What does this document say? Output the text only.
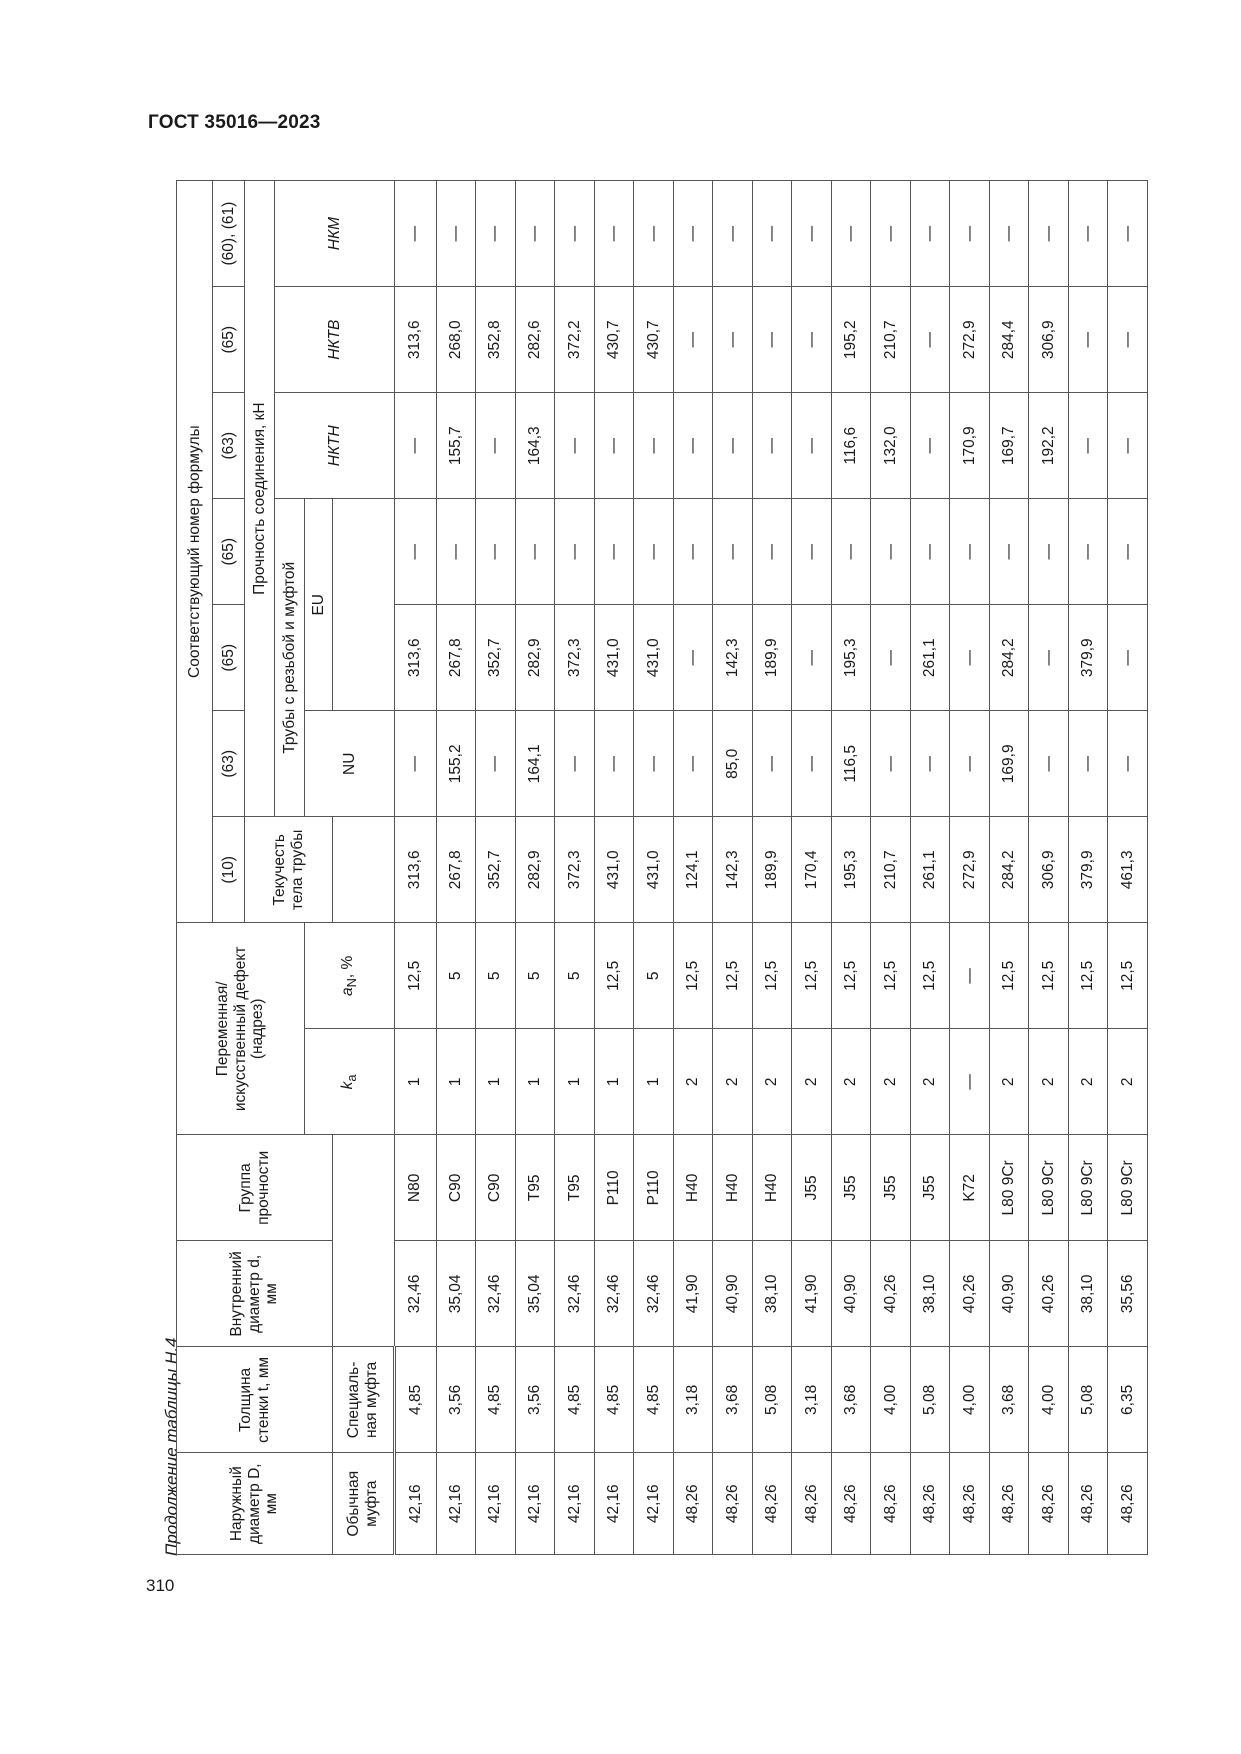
ГОСТ 35016—2023
Продолжение таблицы Н.4
310
Наружный диаметр D, мм	Толщина стенки t, мм	Внутренний диаметр d, мм	Группа прочности	Переменная/ искусственный дефект (надрез)		Соответствующий номер формулы						
						(10)	(63)	(65)	(65)	(63)	(65)	(60), (61)
						Текучесть тела трубы	Прочность соединения, кН					
							Трубы с резьбой и муфтой			НКТН	НКТВ	НКМ
				$k_a$	$a_N$, %		NU	EU				
Обычная муфта	Специаль-ная муфта											
42,16	4,85	32,46	N80	1	12,5	313,6	—	313,6	—	—	313,6	—
42,16	3,56	35,04	C90	1	5	267,8	155,2	267,8	—	155,7	268,0	—
42,16	4,85	32,46	C90	1	5	352,7	—	352,7	—	—	352,8	—
42,16	3,56	35,04	T95	1	5	282,9	164,1	282,9	—	164,3	282,6	—
42,16	4,85	32,46	T95	1	5	372,3	—	372,3	—	—	372,2	—
42,16	4,85	32,46	P110	1	12,5	431,0	—	431,0	—	—	430,7	—
42,16	4,85	32,46	P110	1	5	431,0	—	431,0	—	—	430,7	—
48,26	3,18	41,90	H40	2	12,5	124,1	—	—	—	—	—	—
48,26	3,68	40,90	H40	2	12,5	142,3	85,0	142,3	—	—	—	—
48,26	5,08	38,10	H40	2	12,5	189,9	—	189,9	—	—	—	—
48,26	3,18	41,90	J55	2	12,5	170,4	—	—	—	—	—	—
48,26	3,68	40,90	J55	2	12,5	195,3	116,5	195,3	—	116,6	195,2	—
48,26	4,00	40,26	J55	2	12,5	210,7	—	—	—	132,0	210,7	—
48,26	5,08	38,10	J55	2	12,5	261,1	—	261,1	—	—	—	—
48,26	4,00	40,26	K72	—	—	272,9	—	—	—	170,9	272,9	—
48,26	3,68	40,90	L80 9Cr	2	12,5	284,2	169,9	284,2	—	169,7	284,4	—
48,26	4,00	40,26	L80 9Cr	2	12,5	306,9	—	—	—	192,2	306,9	—
48,26	5,08	38,10	L80 9Cr	2	12,5	379,9	—	379,9	—	—	—	—
48,26	6,35	35,56	L80 9Cr	2	12,5	461,3	—	—	—	—	—	—
